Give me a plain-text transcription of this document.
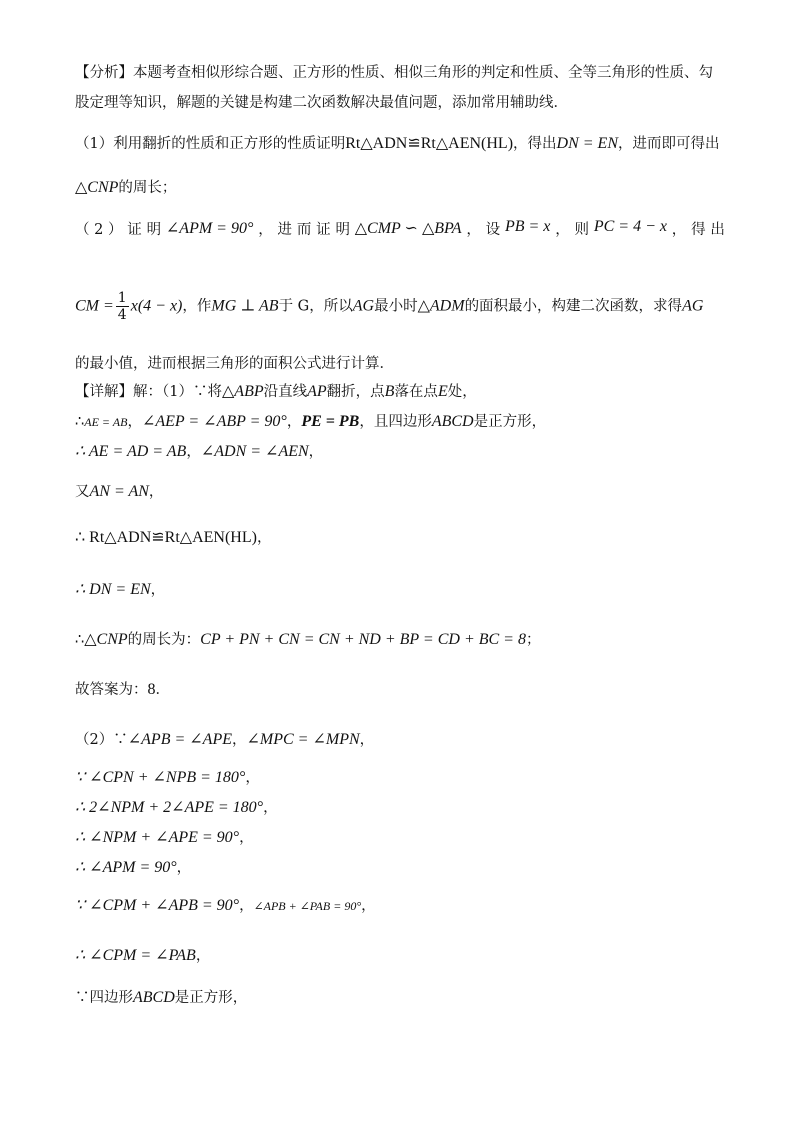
【分析】本题考查相似形综合题、正方形的性质、相似三角形的判定和性质、全等三角形的性质、勾股定理等知识，解题的关键是构建二次函数解决最值问题，添加常用辅助线．
（1）利用翻折的性质和正方形的性质证明Rt△ADN≌Rt△AEN(HL)，得出DN = EN，进而即可得出
△CNP的周长；
（ 2 ） 证 明 ∠APM = 90° ， 进 而 证 明 △CMP ∽ △BPA ， 设 PB = x ， 则 PC = 4 − x ， 得 出
CM = $\frac{1}{4} x(4 - x)$，作MG ⊥ AB于 G，所以AG最小时△ADM的面积最小，构建二次函数，求得AG
的最小值，进而根据三角形的面积公式进行计算．
【详解】解：（1）∵将△ABP沿直线AP翻折，点B落在点E处，
∴AE = AB，∠AEP = ∠ABP = 90°，PE = PB，且四边形ABCD是正方形，
∴ AE = AD = AB，∠ADN = ∠AEN，
又AN = AN，
∴ Rt△ADN≌Rt△AEN(HL)，
∴ DN = EN，
∴△CNP的周长为：CP + PN + CN = CN + ND + BP = CD + BC = 8；
故答案为：8．
（2）∵∠APB = ∠APE，∠MPC = ∠MPN，
∵ ∠CPN + ∠NPB = 180°，
∴ 2∠NPM + 2∠APE = 180°，
∴ ∠NPM + ∠APE = 90°，
∴ ∠APM = 90°，
∵ ∠CPM + ∠APB = 90°，∠APB + ∠PAB = 90°，
∴ ∠CPM = ∠PAB，
∵四边形ABCD是正方形，
